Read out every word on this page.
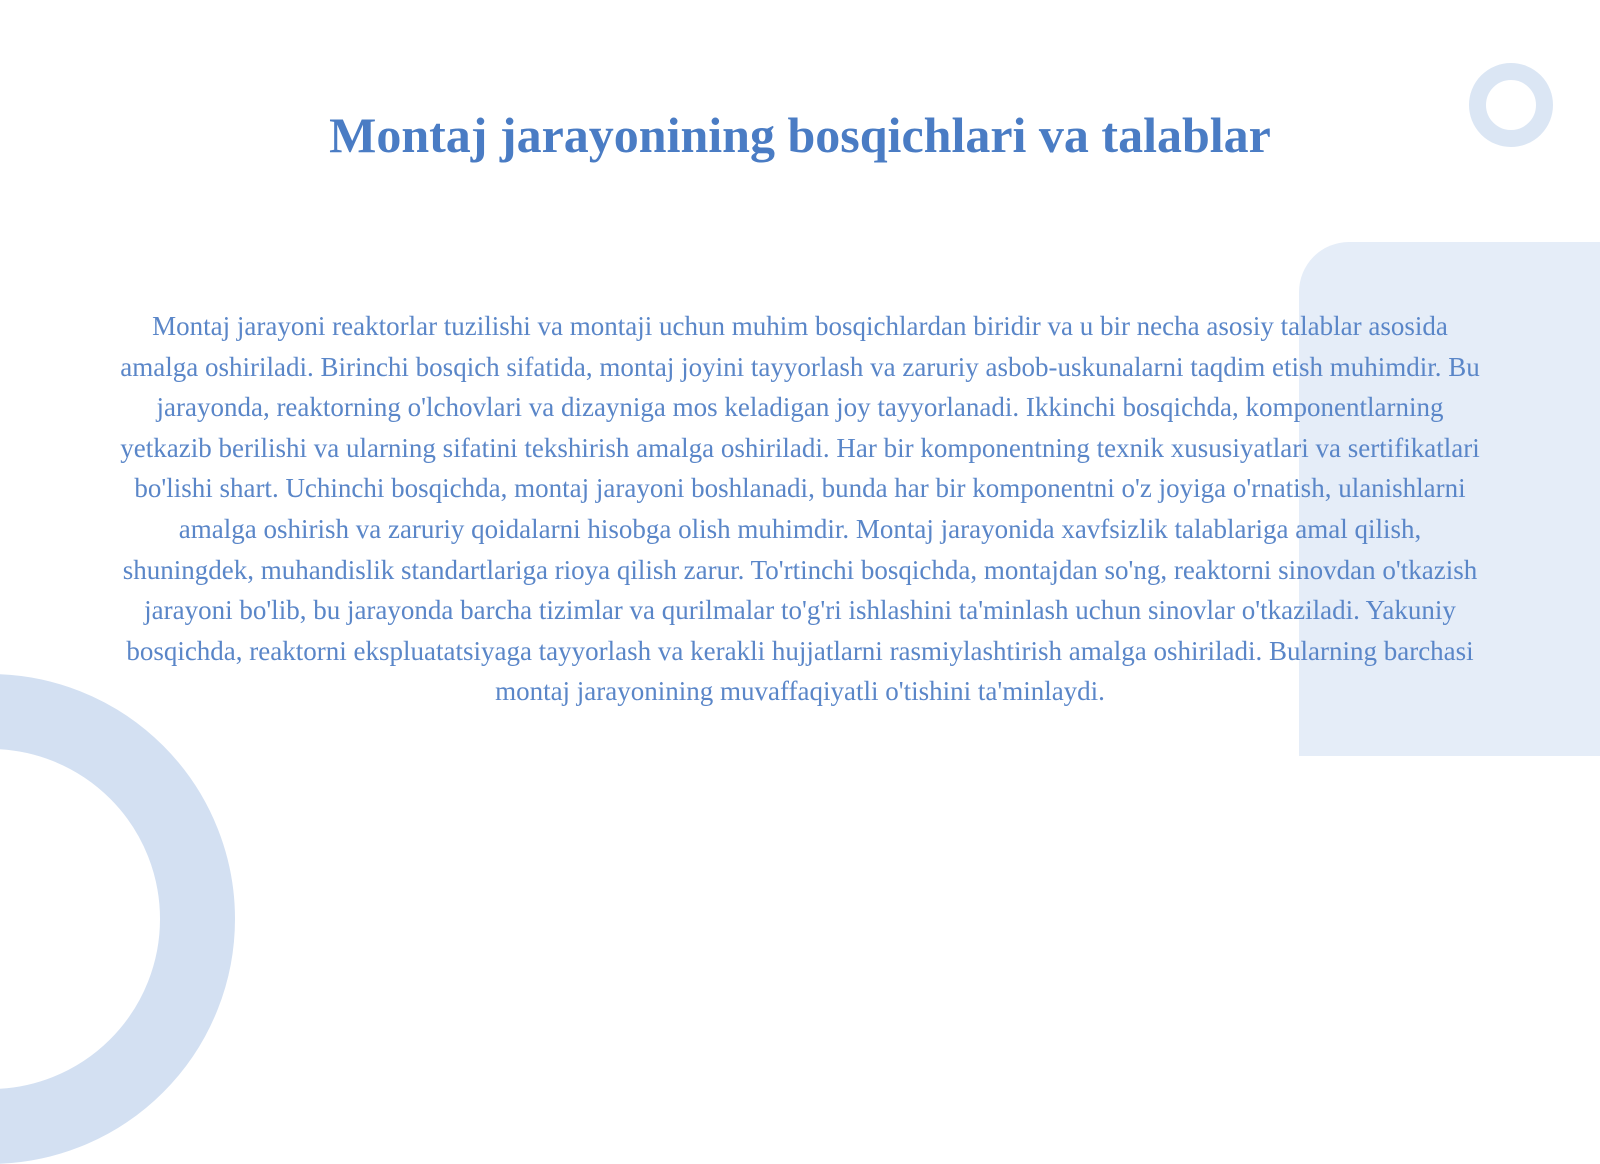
Montaj jarayonining bosqichlari va talablar

Montaj jarayoni reaktorlar tuzilishi va montaji uchun muhim bosqichlardan biridir va u bir necha asosiy talablar asosida amalga oshiriladi. Birinchi bosqich sifatida, montaj joyini tayyorlash va zaruriy asbob-uskunalarni taqdim etish muhimdir. Bu jarayonda, reaktorning o'lchovlari va dizayniga mos keladigan joy tayyorlanadi. Ikkinchi bosqichda, komponentlarning yetkazib berilishi va ularning sifatini tekshirish amalga oshiriladi. Har bir komponentning texnik xususiyatlari va sertifikatlari bo'lishi shart. Uchinchi bosqichda, montaj jarayoni boshlanadi, bunda har bir komponentni o'z joyiga o'rnatish, ulanishlarni amalga oshirish va zaruriy qoidalarni hisobga olish muhimdir. Montaj jarayonida xavfsizlik talablariga amal qilish, shuningdek, muhandislik standartlariga rioya qilish zarur. To'rtinchi bosqichda, montajdan so'ng, reaktorni sinovdan o'tkazish jarayoni bo'lib, bu jarayonda barcha tizimlar va qurilmalar to'g'ri ishlashini ta'minlash uchun sinovlar o'tkaziladi. Yakuniy bosqichda, reaktorni ekspluatatsiyaga tayyorlash va kerakli hujjatlarni rasmiylashtirish amalga oshiriladi. Bularning barchasi montaj jarayonining muvaffaqiyatli o'tishini ta'minlaydi.
